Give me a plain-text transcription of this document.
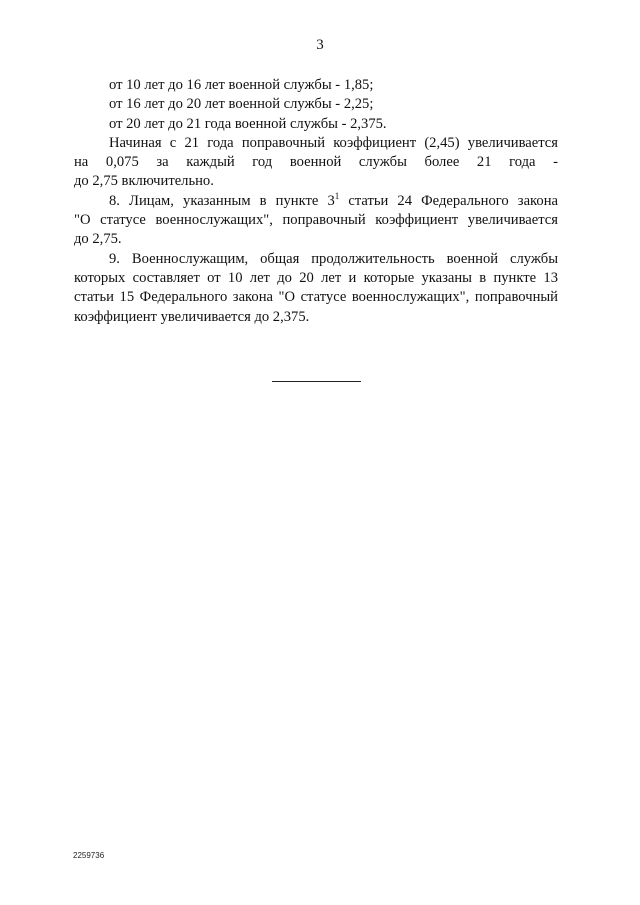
3
от 10 лет до 16 лет военной службы - 1,85;
от 16 лет до 20 лет военной службы - 2,25;
от 20 лет до 21 года военной службы - 2,375.
Начиная с 21 года поправочный коэффициент (2,45) увеличивается
на 0,075 за каждый год военной службы более 21 года -
до 2,75 включительно.
8. Лицам, указанным в пункте $3^1$ статьи 24 Федерального закона
"О статусе военнослужащих", поправочный коэффициент увеличивается
до 2,75.
9. Военнослужащим, общая продолжительность военной службы
которых составляет от 10 лет до 20 лет и которые указаны в пункте 13
статьи 15 Федерального закона "О статусе военнослужащих", поправочный
коэффициент увеличивается до 2,375.
2259736
